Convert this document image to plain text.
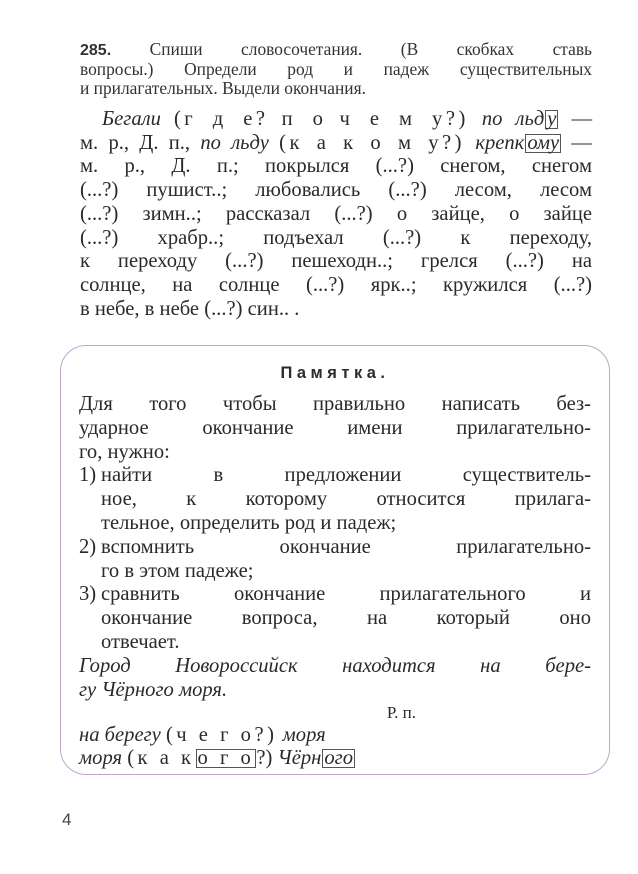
285. Спиши словосочетания. (В скобках ставь
вопросы.) Определи род и падеж существительных
и прилагательных. Выдели окончания.
Бегали (г д е? п о ч е м у?) по льд у —
м. р., Д. п., по льду (к а к о м у?) крепк ому —
м. р., Д. п.; покрылся (...?) снегом, снегом
(...?) пушист..; любовались (...?) лесом, лесом
(...?) зимн..; рассказал (...?) о зайце, о зайце
(...?) храбр..; подъехал (...?) к переходу,
к переходу (...?) пешеходн..; грелся (...?) на
солнце, на солнце (...?) ярк..; кружился (...?)
в небе, в небе (...?) син.. .
Памятка.
Для того чтобы правильно написать без-
ударное окончание имени прилагательно-
го, нужно:
1) найти в предложении существитель-
ное, к которому относится прилага-
тельное, определить род и падеж;
2) вспомнить окончание прилагательно-
го в этом падеже;
3) сравнить окончание прилагательного и
окончание вопроса, на который оно
отвечает.
Город Новороссийск находится на бере-
гу Чёрного моря.
Р. п.
на берегу (ч е г о?) моря
моря (к а к о г о?) Чёрн ого
4
